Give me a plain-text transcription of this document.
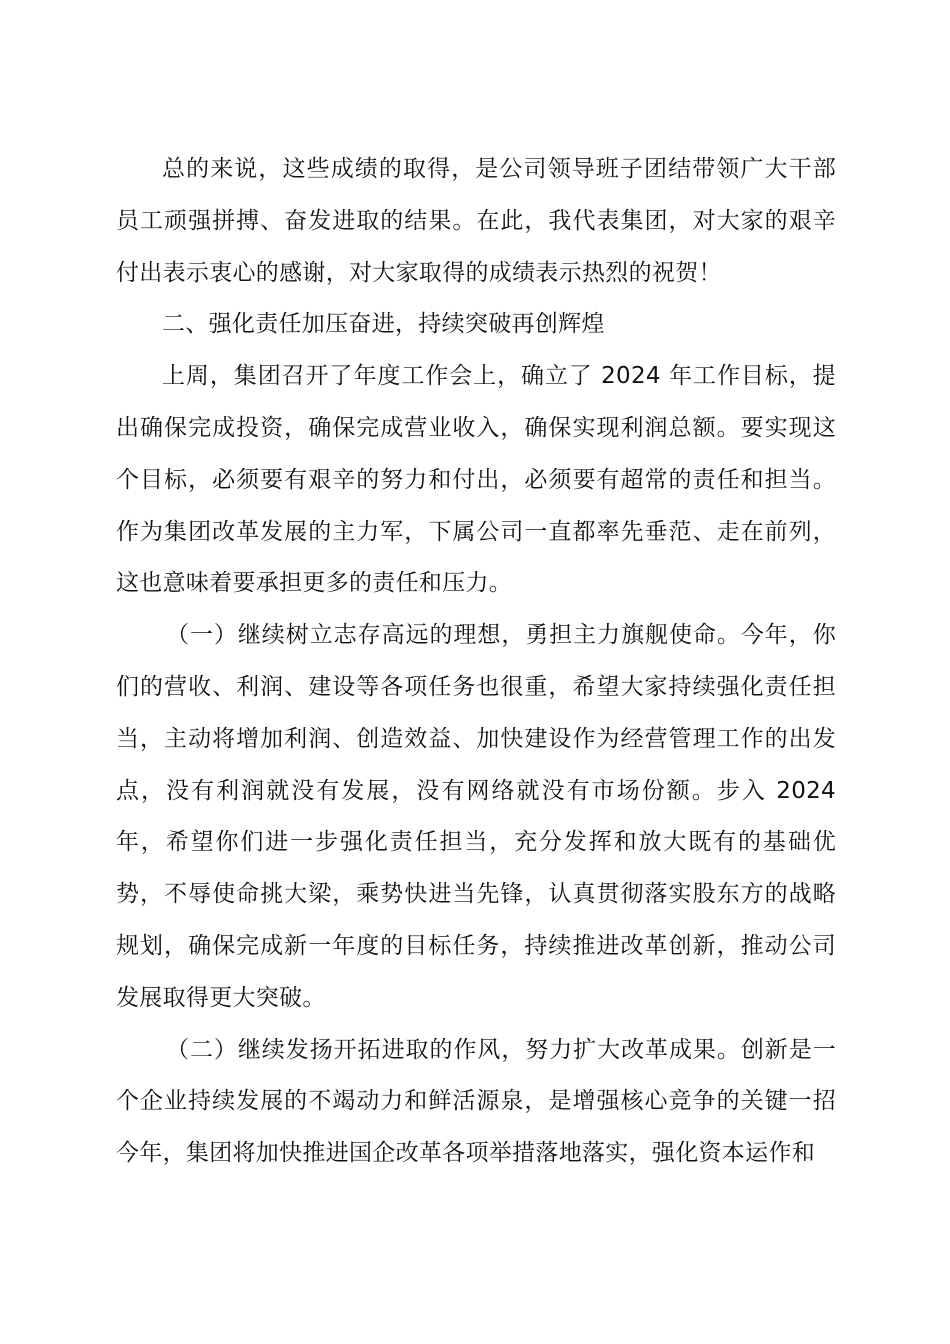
总的来说，这些成绩的取得，是公司领导班子团结带领广大干部员工顽强拼搏、奋发进取的结果。在此，我代表集团，对大家的艰辛付出表示衷心的感谢，对大家取得的成绩表示热烈的祝贺！

二、强化责任加压奋进，持续突破再创辉煌

上周，集团召开了年度工作会上，确立了 2024 年工作目标，提出确保完成投资，确保完成营业收入，确保实现利润总额。要实现这个目标，必须要有艰辛的努力和付出，必须要有超常的责任和担当。作为集团改革发展的主力军，下属公司一直都率先垂范、走在前列，这也意味着要承担更多的责任和压力。

（一）继续树立志存高远的理想，勇担主力旗舰使命。今年，你们的营收、利润、建设等各项任务也很重，希望大家持续强化责任担当，主动将增加利润、创造效益、加快建设作为经营管理工作的出发点，没有利润就没有发展，没有网络就没有市场份额。步入 2024 年，希望你们进一步强化责任担当，充分发挥和放大既有的基础优势，不辱使命挑大梁，乘势快进当先锋，认真贯彻落实股东方的战略规划，确保完成新一年度的目标任务，持续推进改革创新，推动公司发展取得更大突破。

（二）继续发扬开拓进取的作风，努力扩大改革成果。创新是一个企业持续发展的不竭动力和鲜活源泉，是增强核心竞争的关键一招今年，集团将加快推进国企改革各项举措落地落实，强化资本运作和
